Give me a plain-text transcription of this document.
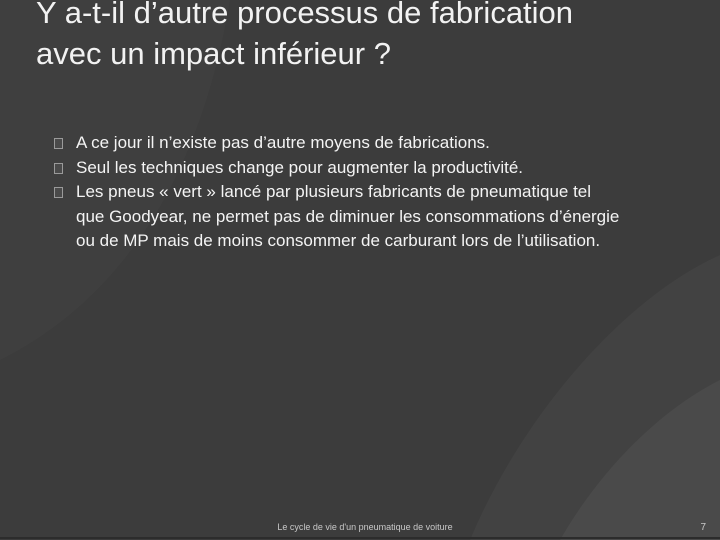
Y a-t-il d’autre processus de fabrication avec un impact inférieur ?
A ce jour il n’existe pas d’autre moyens de fabrications.
Seul les techniques change pour augmenter la productivité.
Les pneus « vert » lancé par plusieurs fabricants de pneumatique tel que Goodyear, ne permet pas de diminuer les consommations d’énergie ou de MP mais de moins consommer de carburant lors de l’utilisation.
Le cycle de vie d'un pneumatique de voiture	7
